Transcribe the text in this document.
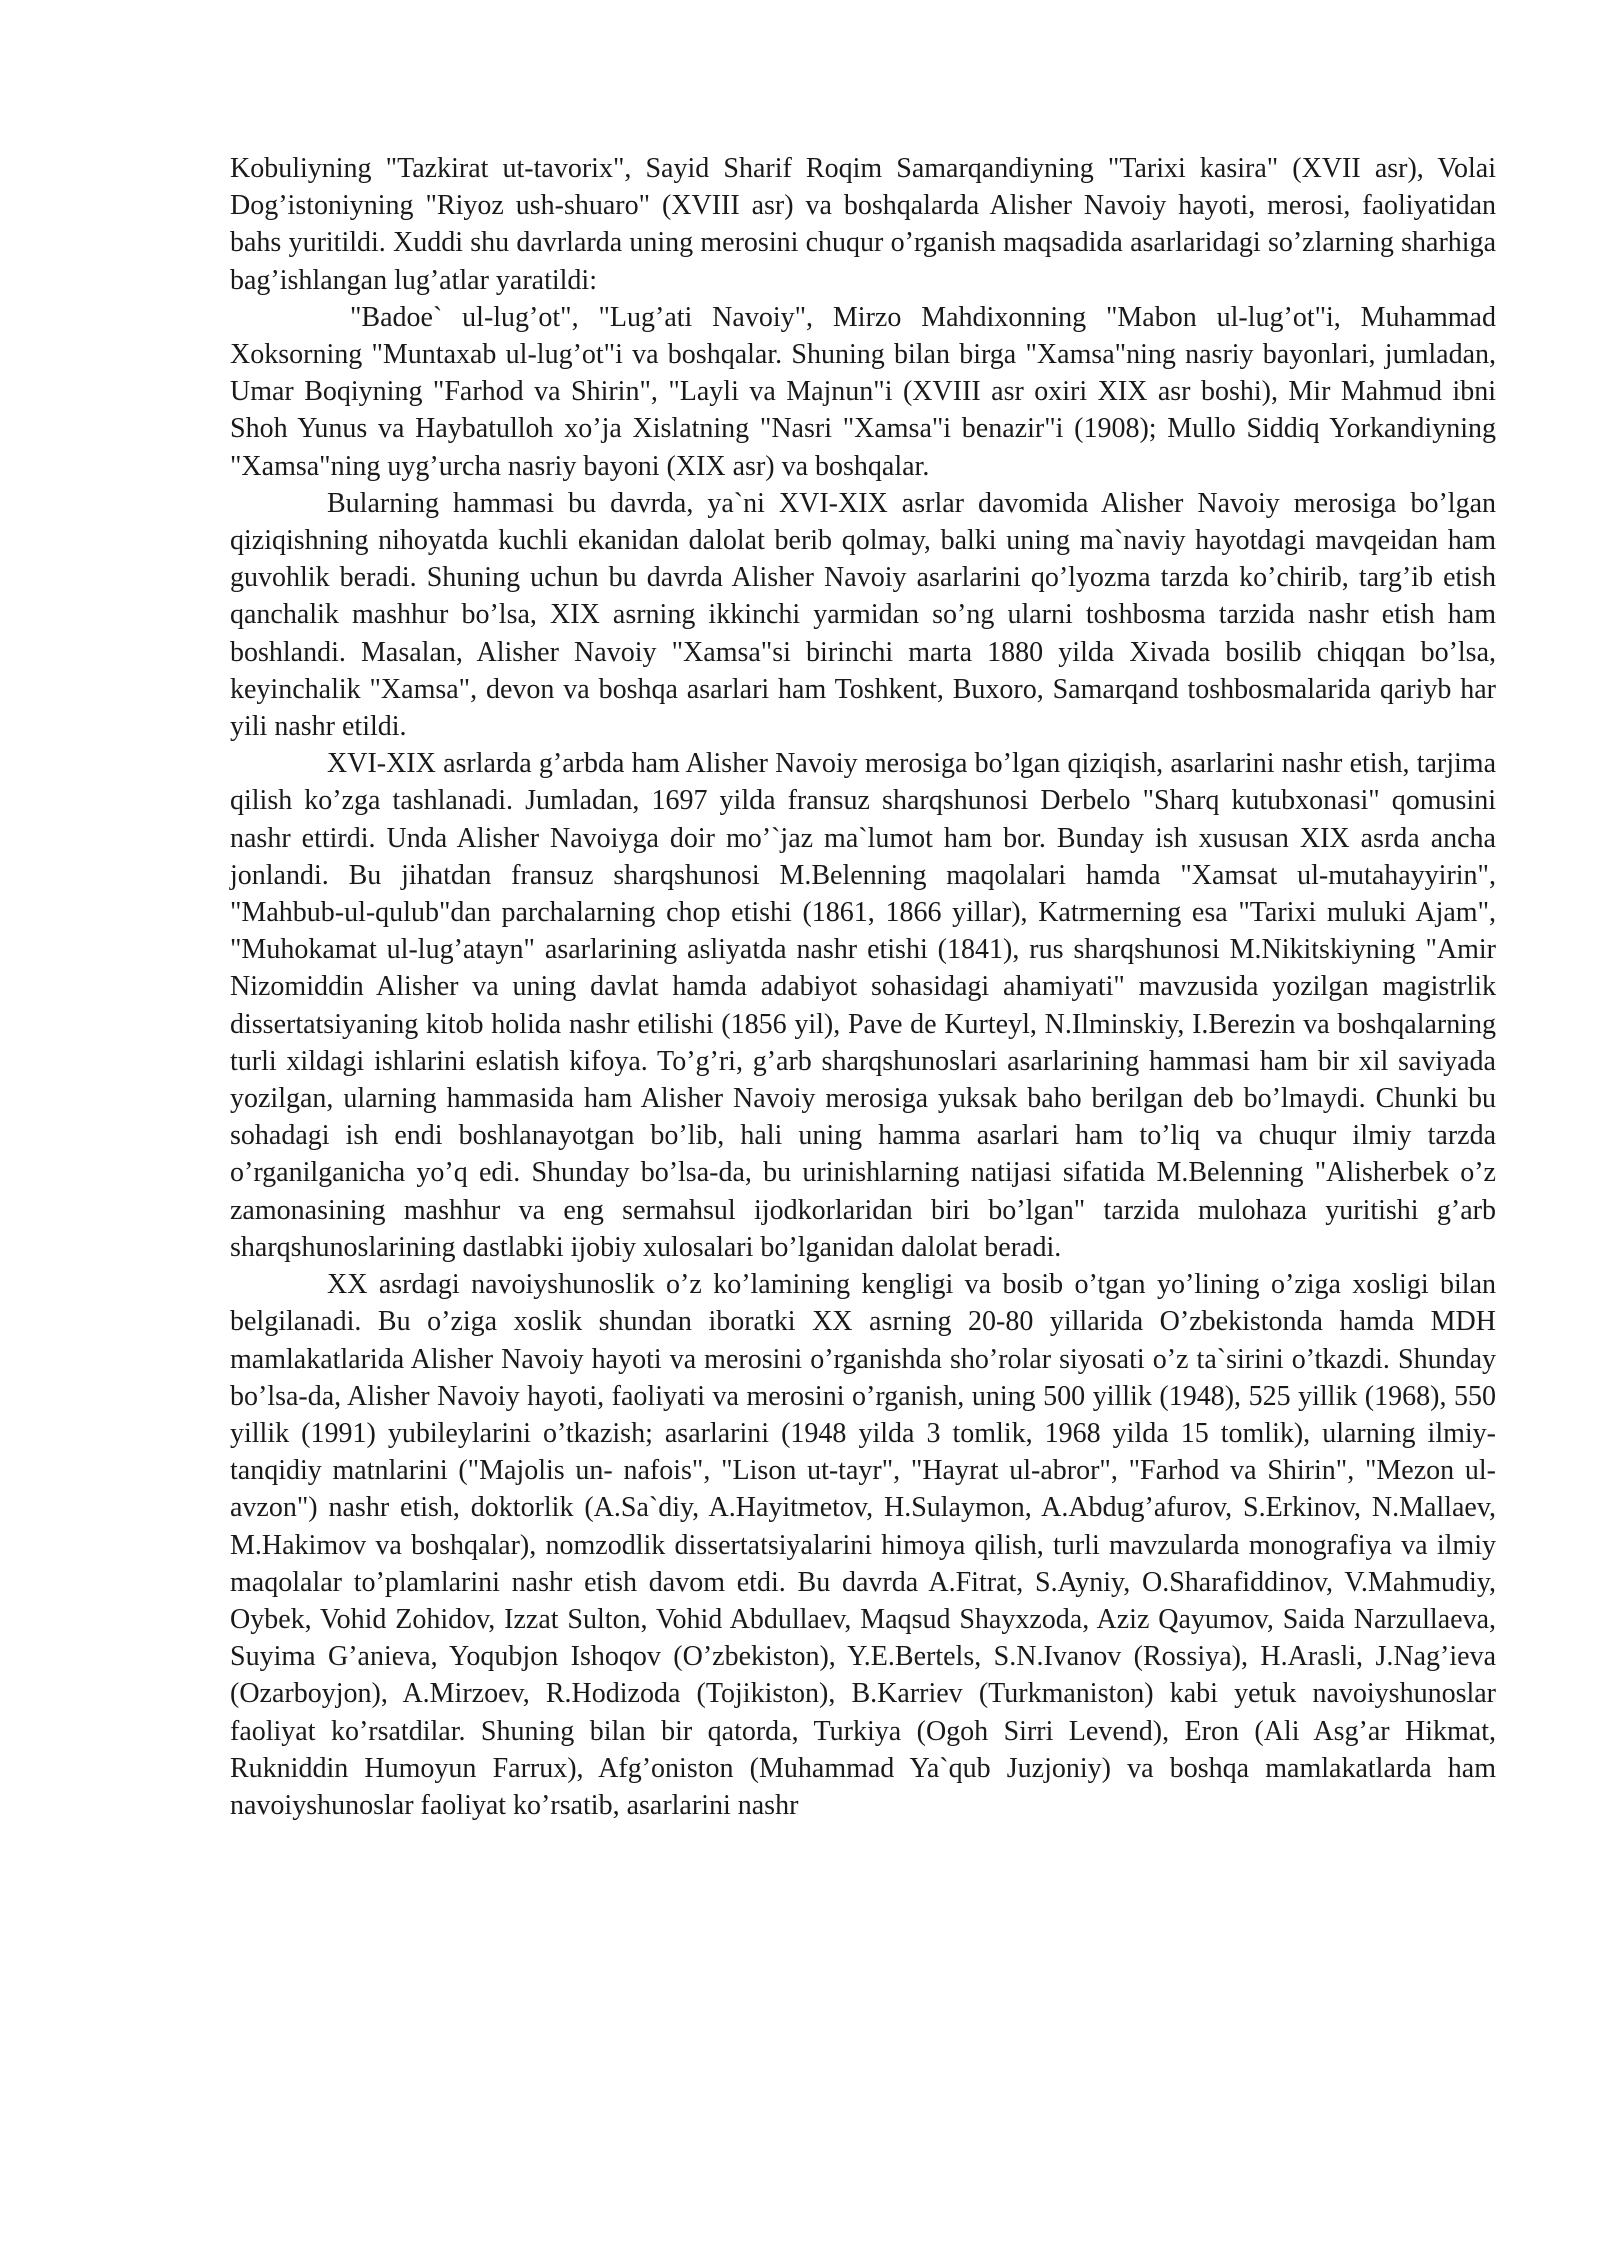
Kobuliyning "Tazkirat ut-tavorix", Sayid Sharif Roqim Samarqandiyning "Tarixi kasira" (XVII asr), Volai Dog’istoniyning "Riyoz ush-shuaro" (XVIII asr) va boshqalarda Alisher Navoiy hayoti, merosi, faoliyatidan bahs yuritildi. Xuddi shu davrlarda uning merosini chuqur o’rganish maqsadida asarlaridagi so’zlarning sharhiga bag’ishlangan lug’atlar yaratildi:

"Badoe` ul-lug’ot", "Lug’ati Navoiy", Mirzo Mahdixonning "Mabon ul-lug’ot"i, Muhammad Xoksorning "Muntaxab ul-lug’ot"i va boshqalar. Shuning bilan birga "Xamsa"ning nasriy bayonlari, jumladan, Umar Boqiyning "Farhod va Shirin", "Layli va Majnun"i (XVIII asr oxiri XIX asr boshi), Mir Mahmud ibni Shoh Yunus va Haybatulloh xo’ja Xislatning "Nasri "Xamsa"i benazir"i (1908); Mullo Siddiq Yorkandiyning "Xamsa"ning uyg’urcha nasriy bayoni (XIX asr) va boshqalar.

Bularning hammasi bu davrda, ya`ni XVI-XIX asrlar davomida Alisher Navoiy merosiga bo’lgan qiziqishning nihoyatda kuchli ekanidan dalolat berib qolmay, balki uning ma`naviy hayotdagi mavqeidan ham guvohlik beradi. Shuning uchun bu davrda Alisher Navoiy asarlarini qo’lyozma tarzda ko’chirib, targ’ib etish qanchalik mashhur bo’lsa, XIX asrning ikkinchi yarmidan so’ng ularni toshbosma tarzida nashr etish ham boshlandi. Masalan, Alisher Navoiy "Xamsa"si birinchi marta 1880 yilda Xivada bosilib chiqqan bo’lsa, keyinchalik "Xamsa", devon va boshqa asarlari ham Toshkent, Buxoro, Samarqand toshbosmalarida qariyb har yili nashr etildi.

XVI-XIX asrlarda g’arbda ham Alisher Navoiy merosiga bo’lgan qiziqish, asarlarini nashr etish, tarjima qilish ko’zga tashlanadi. Jumladan, 1697 yilda fransuz sharqshunosi Derbelo "Sharq kutubxonasi" qomusini nashr ettirdi. Unda Alisher Navoiyga doir mo’`jaz ma`lumot ham bor. Bunday ish xususan XIX asrda ancha jonlandi. Bu jihatdan fransuz sharqshunosi M.Belenning maqolalari hamda "Xamsat ul-mutahayyirin", "Mahbub-ul-qulub"dan parchalarning chop etishi (1861, 1866 yillar), Katrmerning esa "Tarixi muluki Ajam", "Muhokamat ul-lug’atayn" asarlarining asliyatda nashr etishi (1841), rus sharqshunosi M.Nikitskiyning "Amir Nizomiddin Alisher va uning davlat hamda adabiyot sohasidagi ahamiyati" mavzusida yozilgan magistrlik dissertatsiyaning kitob holida nashr etilishi (1856 yil), Pave de Kurteyl, N.Ilminskiy, I.Berezin va boshqalarning turli xildagi ishlarini eslatish kifoya. To’g’ri, g’arb sharqshunoslari asarlarining hammasi ham bir xil saviyada yozilgan, ularning hammasida ham Alisher Navoiy merosiga yuksak baho berilgan deb bo’lmaydi. Chunki bu sohadagi ish endi boshlanayotgan bo’lib, hali uning hamma asarlari ham to’liq va chuqur ilmiy tarzda o’rganilganicha yo’q edi. Shunday bo’lsa-da, bu urinishlarning natijasi sifatida M.Belenning "Alisherbek o’z zamonasining mashhur va eng sermahsul ijodkorlaridan biri bo’lgan" tarzida mulohaza yuritishi g’arb sharqshunoslarining dastlabki ijobiy xulosalari bo’lganidan dalolat beradi.

XX asrdagi navoiyshunoslik o’z ko’lamining kengligi va bosib o’tgan yo’lining o’ziga xosligi bilan belgilanadi. Bu o’ziga xoslik shundan iboratki XX asrning 20-80 yillarida O’zbekistonda hamda MDH mamlakatlarida Alisher Navoiy hayoti va merosini o’rganishda sho’rolar siyosati o’z ta`sirini o’tkazdi. Shunday bo’lsa-da, Alisher Navoiy hayoti, faoliyati va merosini o’rganish, uning 500 yillik (1948), 525 yillik (1968), 550 yillik (1991) yubileylarini o’tkazish; asarlarini (1948 yilda 3 tomlik, 1968 yilda 15 tomlik), ularning ilmiy-tanqidiy matnlarini ("Majolis un- nafois", "Lison ut-tayr", "Hayrat ul-abror", "Farhod va Shirin", "Mezon ul-avzon") nashr etish, doktorlik (A.Sa`diy, A.Hayitmetov, H.Sulaymon, A.Abdug’afurov, S.Erkinov, N.Mallaev, M.Hakimov va boshqalar), nomzodlik dissertatsiyalarini himoya qilish, turli mavzularda monografiya va ilmiy maqolalar to’plamlarini nashr etish davom etdi. Bu davrda A.Fitrat, S.Ayniy, O.Sharafiddinov, V.Mahmudiy, Oybek, Vohid Zohidov, Izzat Sulton, Vohid Abdullaev, Maqsud Shayxzoda, Aziz Qayumov, Saida Narzullaeva, Suyima G’anieva, Yoqubjon Ishoqov (O’zbekiston), Y.E.Bertels, S.N.Ivanov (Rossiya), H.Arasli, J.Nag’ieva (Ozarboyjon), A.Mirzoev, R.Hodizoda (Tojikiston), B.Karriev (Turkmaniston) kabi yetuk navoiyshunoslar faoliyat ko’rsatdilar. Shuning bilan bir qatorda, Turkiya (Ogoh Sirri Levend), Eron (Ali Asg’ar Hikmat, Rukniddin Humoyun Farrux), Afg’oniston (Muhammad Ya`qub Juzjoniy) va boshqa mamlakatlarda ham navoiyshunoslar faoliyat ko’rsatib, asarlarini nashr
